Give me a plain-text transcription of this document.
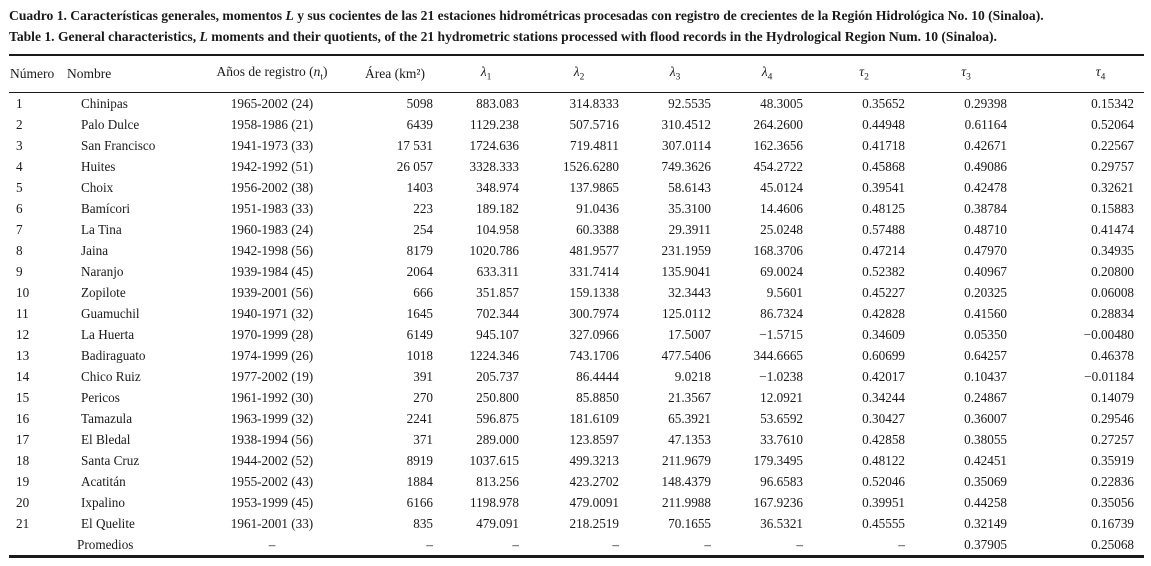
Cuadro 1. Características generales, momentos L y sus cocientes de las 21 estaciones hidrométricas procesadas con registro de crecientes de la Región Hidrológica No. 10 (Sinaloa).

Table 1. General characteristics, L moments and their quotients, of the 21 hydrometric stations processed with flood records in the Hydrological Region Num. 10 (Sinaloa).

Número	Nombre	Años de registro $(n_t)$	Área (km²)	$\lambda_1$	$\lambda_2$	$\lambda_3$	$\lambda_4$	$\tau_2$	$\tau_3$	$\tau_4$
1	Chinipas	1965-2002 (24)	5098	883.083	314.8333	92.5535	48.3005	0.35652	0.29398	0.15342
2	Palo Dulce	1958-1986 (21)	6439	1129.238	507.5716	310.4512	264.2600	0.44948	0.61164	0.52064
3	San Francisco	1941-1973 (33)	17 531	1724.636	719.4811	307.0114	162.3656	0.41718	0.42671	0.22567
4	Huites	1942-1992 (51)	26 057	3328.333	1526.6280	749.3626	454.2722	0.45868	0.49086	0.29757
5	Choix	1956-2002 (38)	1403	348.974	137.9865	58.6143	45.0124	0.39541	0.42478	0.32621
6	Bamícori	1951-1983 (33)	223	189.182	91.0436	35.3100	14.4606	0.48125	0.38784	0.15883
7	La Tina	1960-1983 (24)	254	104.958	60.3388	29.3911	25.0248	0.57488	0.48710	0.41474
8	Jaina	1942-1998 (56)	8179	1020.786	481.9577	231.1959	168.3706	0.47214	0.47970	0.34935
9	Naranjo	1939-1984 (45)	2064	633.311	331.7414	135.9041	69.0024	0.52382	0.40967	0.20800
10	Zopilote	1939-2001 (56)	666	351.857	159.1338	32.3443	9.5601	0.45227	0.20325	0.06008
11	Guamuchil	1940-1971 (32)	1645	702.344	300.7974	125.0112	86.7324	0.42828	0.41560	0.28834
12	La Huerta	1970-1999 (28)	6149	945.107	327.0966	17.5007	−1.5715	0.34609	0.05350	−0.00480
13	Badiraguato	1974-1999 (26)	1018	1224.346	743.1706	477.5406	344.6665	0.60699	0.64257	0.46378
14	Chico Ruiz	1977-2002 (19)	391	205.737	86.4444	9.0218	−1.0238	0.42017	0.10437	−0.01184
15	Pericos	1961-1992 (30)	270	250.800	85.8850	21.3567	12.0921	0.34244	0.24867	0.14079
16	Tamazula	1963-1999 (32)	2241	596.875	181.6109	65.3921	53.6592	0.30427	0.36007	0.29546
17	El Bledal	1938-1994 (56)	371	289.000	123.8597	47.1353	33.7610	0.42858	0.38055	0.27257
18	Santa Cruz	1944-2002 (52)	8919	1037.615	499.3213	211.9679	179.3495	0.48122	0.42451	0.35919
19	Acatitán	1955-2002 (43)	1884	813.256	423.2702	148.4379	96.6583	0.52046	0.35069	0.22836
20	Ixpalino	1953-1999 (45)	6166	1198.978	479.0091	211.9988	167.9236	0.39951	0.44258	0.35056
21	El Quelite	1961-2001 (33)	835	479.091	218.2519	70.1655	36.5321	0.45555	0.32149	0.16739
	Promedios	–	–	–	–	–	–	–	0.37905	0.25068
